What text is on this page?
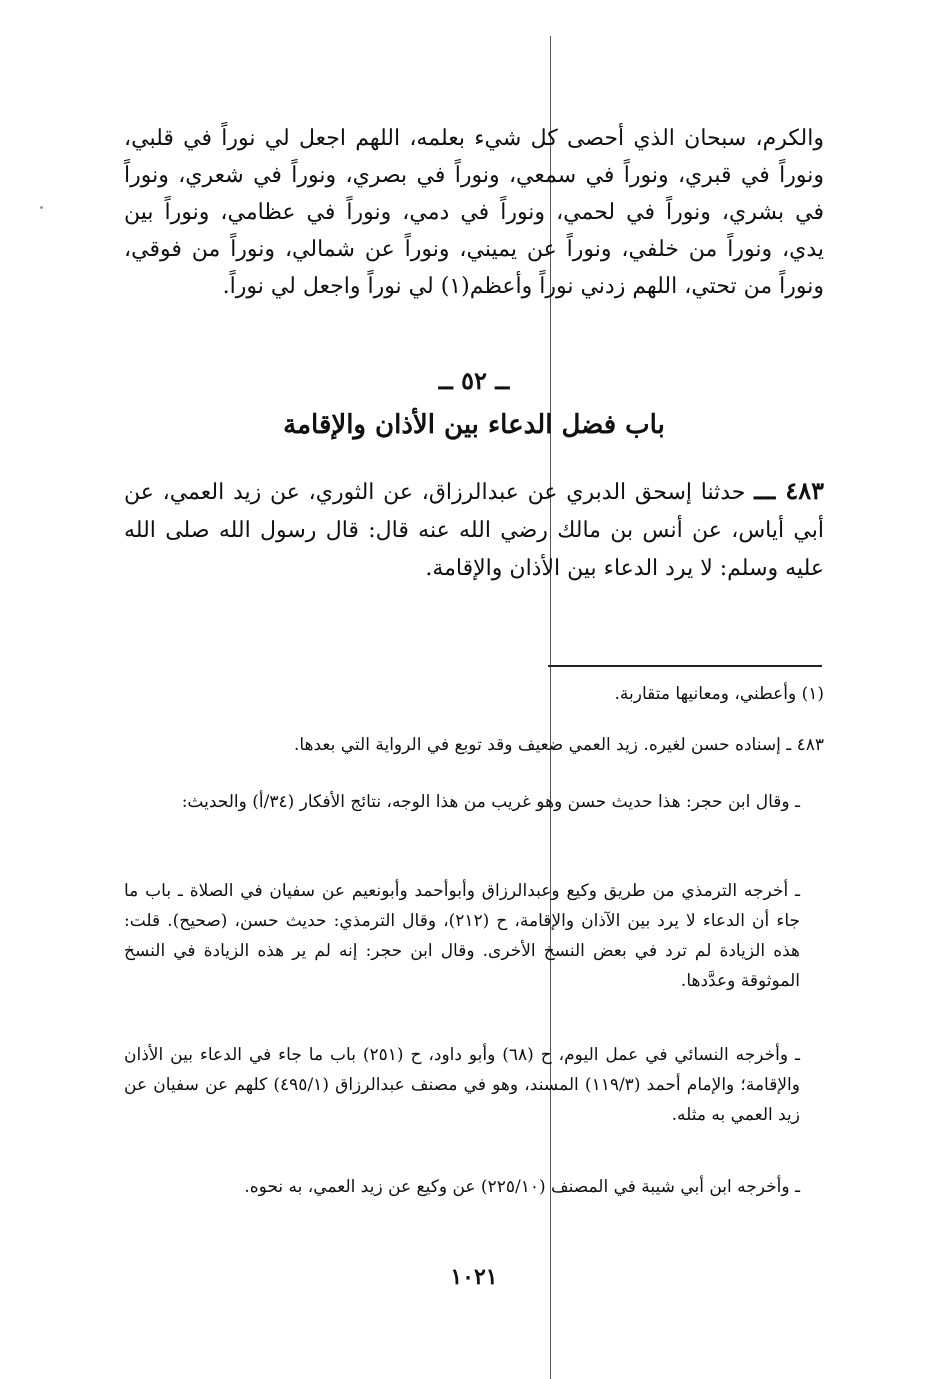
والكرم، سبحان الذي أحصى كل شيء بعلمه، اللهم اجعل لي نوراً في قلبي، ونوراً في قبري، ونوراً في سمعي، ونوراً في بصري، ونوراً في شعري، ونوراً في بشري، ونوراً في لحمي، ونوراً في دمي، ونوراً في عظامي، ونوراً بين يدي، ونوراً من خلفي، ونوراً عن يميني، ونوراً عن شمالي، ونوراً من فوقي، ونوراً من تحتي، اللهم زدني نوراً وأعظم(١) لي نوراً واجعل لي نوراً.

ــ ٥٢ ــ
باب فضل الدعاء بين الأذان والإقامة

٤٨٣ ـــ حدثنا إسحق الدبري عن عبدالرزاق، عن الثوري، عن زيد العمي، عن أبي أياس، عن أنس بن مالك رضي الله عنه قال: قال رسول الله صلى الله عليه وسلم: لا يرد الدعاء بين الأذان والإقامة.

(١) وأعطني، ومعانيها متقاربة.

٤٨٣ ـ إسناده حسن لغيره. زيد العمي ضعيف وقد توبع في الرواية التي بعدها.

ـ وقال ابن حجر: هذا حديث حسن وهو غريب من هذا الوجه، نتائج الأفكار (٣٤/أ) والحديث:

ـ أخرجه الترمذي من طريق وكيع وعبدالرزاق وأبوأحمد وأبونعيم عن سفيان في الصلاة ـ باب ما جاء أن الدعاء لا يرد بين الآذان والإقامة، ح (٢١٢)، وقال الترمذي: حديث حسن، (صحيح). قلت: هذه الزيادة لم ترد في بعض النسخ الأخرى. وقال ابن حجر: إنه لم ير هذه الزيادة في النسخ الموثوقة وعدَّدها.

ـ وأخرجه النسائي في عمل اليوم، ح (٦٨) وأبو داود، ح (٢٥١) باب ما جاء في الدعاء بين الأذان والإقامة؛ والإمام أحمد (١١٩/٣) المسند، وهو في مصنف عبدالرزاق (٤٩٥/١) كلهم عن سفيان عن زيد العمي به مثله.

ـ وأخرجه ابن أبي شيبة في المصنف (٢٢٥/١٠) عن وكيع عن زيد العمي، به نحوه.

١٠٢١
